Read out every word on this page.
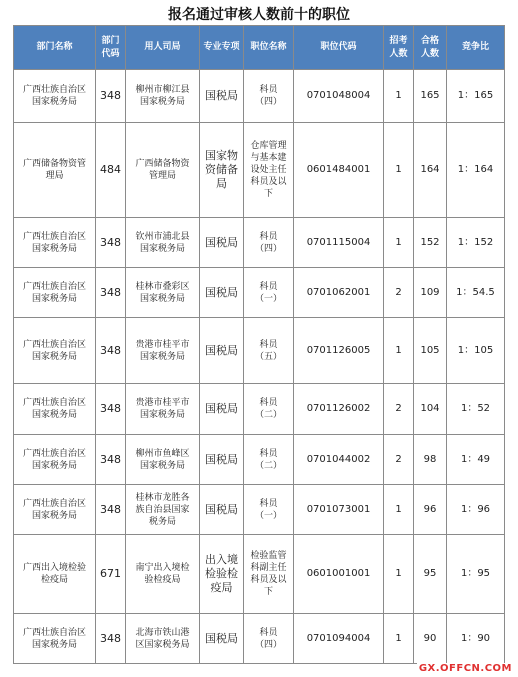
报名通过审核人数前十的职位
部门名称	部门代码	用人司局	专业专项	职位名称	职位代码	招考人数	合格人数	竞争比

广西壮族自治区国家税务局	348	柳州市柳江县国家税务局	国税局	科员（四）	0701048004	1	165	1：165

广西储备物资管理局	484	广西储备物资管理局	国家物资储备局	仓库管理与基本建设处主任科员及以下	0601484001	1	164	1：164

广西壮族自治区国家税务局	348	钦州市浦北县国家税务局	国税局	科员（四）	0701115004	1	152	1：152

广西壮族自治区国家税务局	348	桂林市叠彩区国家税务局	国税局	科员（一）	0701062001	2	109	1：54.5

广西壮族自治区国家税务局	348	贵港市桂平市国家税务局	国税局	科员（五）	0701126005	1	105	1：105

广西壮族自治区国家税务局	348	贵港市桂平市国家税务局	国税局	科员（二）	0701126002	2	104	1：52

广西壮族自治区国家税务局	348	柳州市鱼峰区国家税务局	国税局	科员（二）	0701044002	2	98	1：49

广西壮族自治区国家税务局	348	桂林市龙胜各族自治县国家税务局	国税局	科员（一）	0701073001	1	96	1：96

广西出入境检验检疫局	671	南宁出入境检验检疫局	出入境检验检疫局	检验监管科副主任科员及以下	0601001001	1	95	1：95

广西壮族自治区国家税务局	348	北海市铁山港区国家税务局	国税局	科员（四）	0701094004	1	90	1：90
GX.OFFCN.COM
